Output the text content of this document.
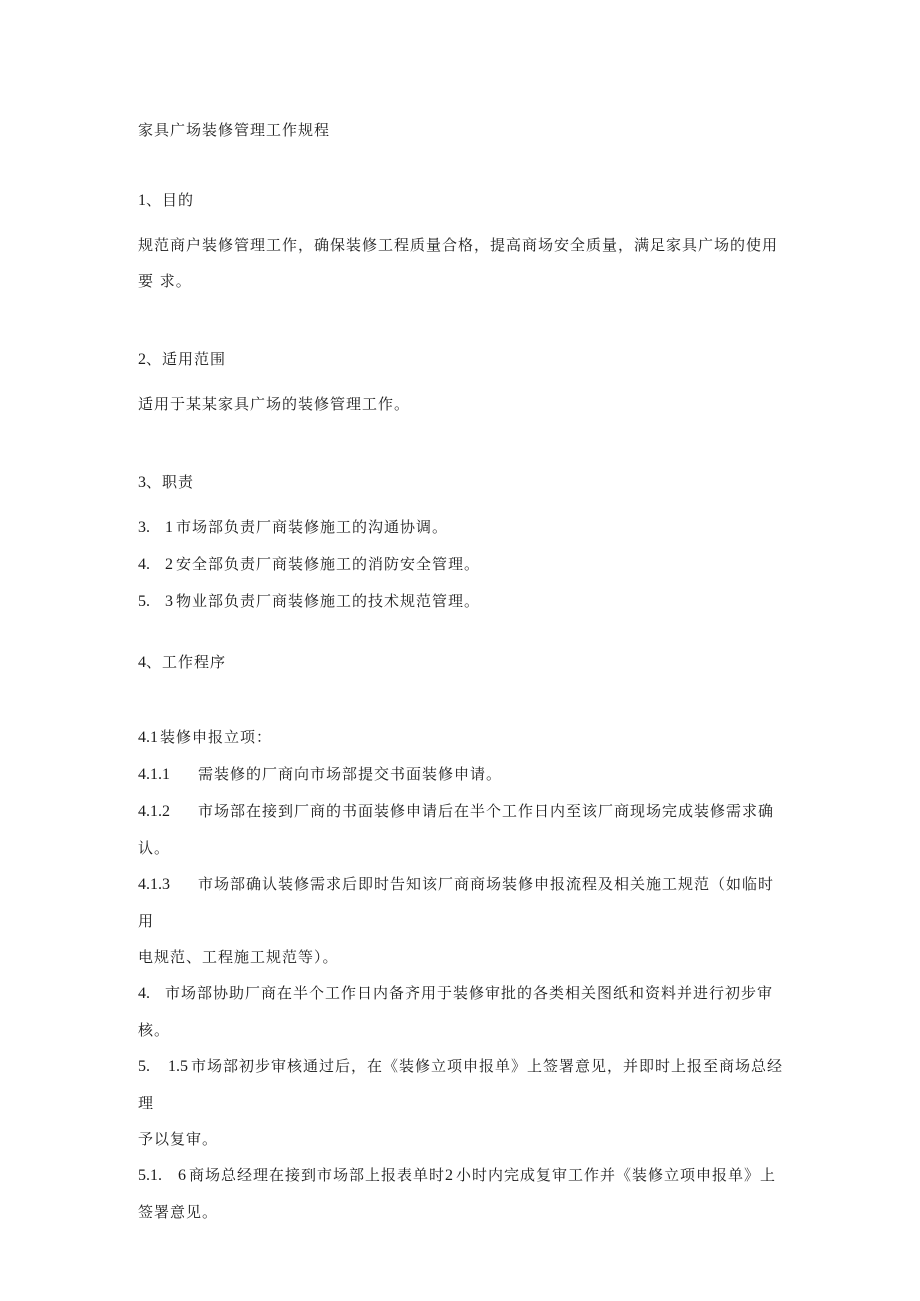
家具广场装修管理工作规程
1、目的

规范商户装修管理工作，确保装修工程质量合格，提高商场安全质量，满足家具广场的使用要 求。

2、适用范围

适用于某某家具广场的装修管理工作。

3、职责

3. 1 市场部负责厂商装修施工的沟通协调。

4. 2 安全部负责厂商装修施工的消防安全管理。

5. 3 物业部负责厂商装修施工的技术规范管理。

4、工作程序

4.1 装修申报立项：

4.1.1 需装修的厂商向市场部提交书面装修申请。

4.1.2 市场部在接到厂商的书面装修申请后在半个工作日内至该厂商现场完成装修需求确
认。

4.1.3 市场部确认装修需求后即时告知该厂商商场装修申报流程及相关施工规范（如临时用
电规范、工程施工规范等）。

4. 市场部协助厂商在半个工作日内备齐用于装修审批的各类相关图纸和资料并进行初步审
核。

5. 1.5 市场部初步审核通过后，在《装修立项申报单》上签署意见，并即时上报至商场总经理
予以复审。

5.1. 6 商场总经理在接到市场部上报表单时2 小时内完成复审工作并《装修立项申报单》上
签署意见。
